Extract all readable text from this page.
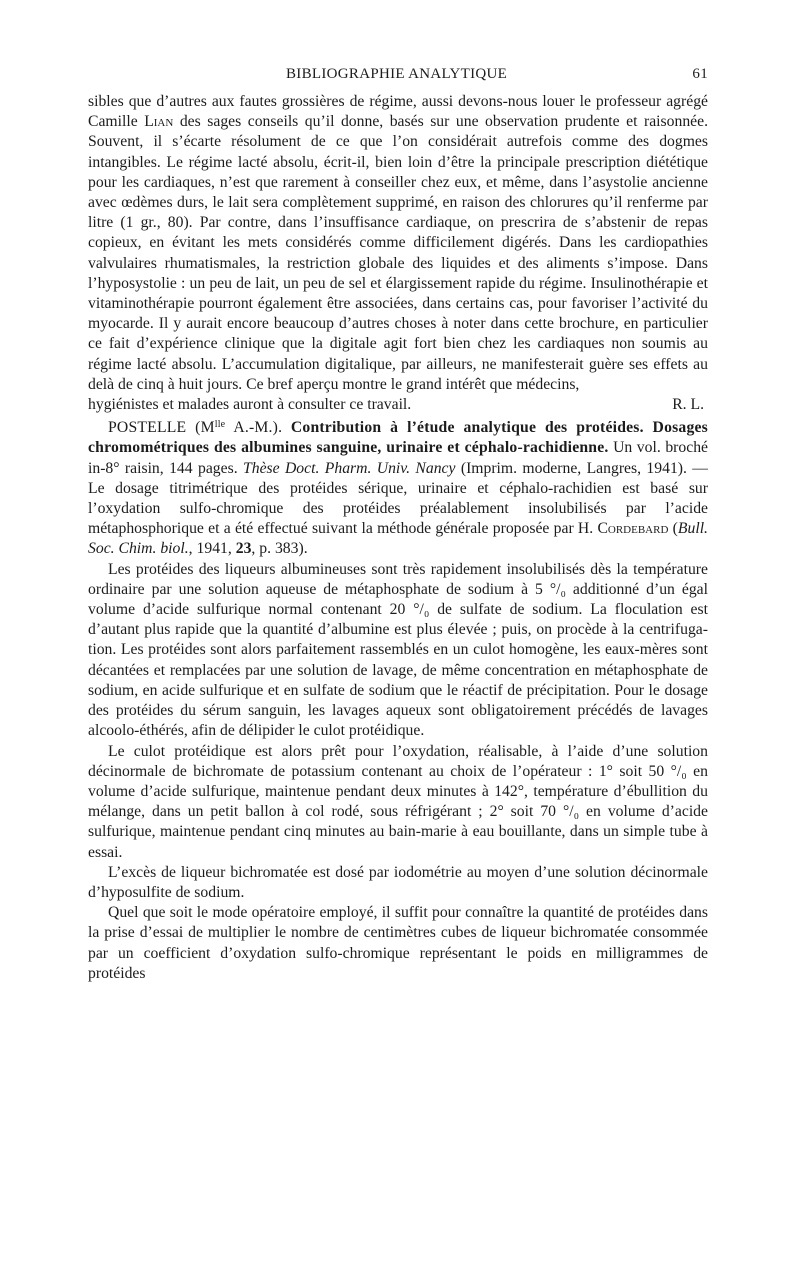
BIBLIOGRAPHIE ANALYTIQUE	61

sibles que d’autres aux fautes grossières de régime, aussi devons-nous louer le professeur agrégé Camille Lian des sages conseils qu’il donne, basés sur une observation prudente et raisonnée. Souvent, il s’écarte résolument de ce que l’on considérait autrefois comme des dogmes intangibles. Le régime lacté absolu, écrit-il, bien loin d’être la principale prescription diététique pour les cardiaques, n’est que rarement à conseiller chez eux, et même, dans l’asystolie ancienne avec œdèmes durs, le lait sera complètement supprimé, en raison des chlorures qu’il renferme par litre (1 gr., 80). Par contre, dans l’insuffisance cardiaque, on prescrira de s’abstenir de repas copieux, en évitant les mets considérés comme difficilement digérés. Dans les cardiopathies valvulaires rhumatismales, la restriction globale des liquides et des aliments s’impose. Dans l’hyposystolie : un peu de lait, un peu de sel et élargissement rapide du régime. Insulinothérapie et vitaminothérapie pourront également être associées, dans certains cas, pour favoriser l’activité du myocarde. Il y aurait encore beaucoup d’autres choses à noter dans cette brochure, en particulier ce fait d’expérience clinique que la digitale agit fort bien chez les cardiaques non soumis au régime lacté absolu. L’accumulation digitalique, par ailleurs, ne manifesterait guère ses effets au delà de cinq à huit jours. Ce bref aperçu montre le grand intérêt que médecins,

hygiénistes et malades auront à consulter ce travail.	R. L.

POSTELLE ($M^{lle}$ A.-M.). Contribution à l’étude analytique des protéides. Dosages chromométriques des albumines sanguine, urinaire et céphalo-rachidienne. Un vol. broché in-8° raisin, 144 pages. Thèse Doct. Pharm. Univ. Nancy (Imprim. moderne, Langres, 1941). — Le dosage titrimétrique des protéides sérique, urinaire et céphalo-rachidien est basé sur l’oxydation sulfo-chromique des protéides préalablement insolubilisés par l’acide métaphosphorique et a été effectué suivant la méthode générale proposée par H. Cordebard (Bull. Soc. Chim. biol., 1941, 23, p. 383).

Les protéides des liqueurs albumineuses sont très rapidement insolubilisés dès la température ordinaire par une solution aqueuse de métaphosphate de sodium à 5 °/₀ additionné d’un égal volume d’acide sulfurique normal contenant 20 °/₀ de sulfate de sodium. La floculation est d’autant plus rapide que la quantité d’albumine est plus élevée ; puis, on procède à la centrifugation. Les protéides sont alors parfaitement rassemblés en un culot homogène, les eaux-mères sont décantées et remplacées par une solution de lavage, de même concentration en métaphosphate de sodium, en acide sulfurique et en sulfate de sodium que le réactif de précipitation. Pour le dosage des protéides du sérum sanguin, les lavages aqueux sont obligatoirement précédés de lavages alcoolo-éthérés, afin de délipider le culot protéidique.

Le culot protéidique est alors prêt pour l’oxydation, réalisable, à l’aide d’une solution décinormale de bichromate de potassium contenant au choix de l’opérateur : 1° soit 50 °/₀ en volume d’acide sulfurique, maintenue pendant deux minutes à 142°, température d’ébullition du mélange, dans un petit ballon à col rodé, sous réfrigérant ; 2° soit 70 °/₀ en volume d’acide sulfurique, maintenue pendant cinq minutes au bain-marie à eau bouillante, dans un simple tube à essai.

L’excès de liqueur bichromatée est dosé par iodométrie au moyen d’une solution décinormale d’hyposulfite de sodium.

Quel que soit le mode opératoire employé, il suffit pour connaître la quantité de protéides dans la prise d’essai de multiplier le nombre de centimètres cubes de liqueur bichromatée consommée par un coefficient d’oxydation sulfo-chromique représentant le poids en milligrammes de protéides
